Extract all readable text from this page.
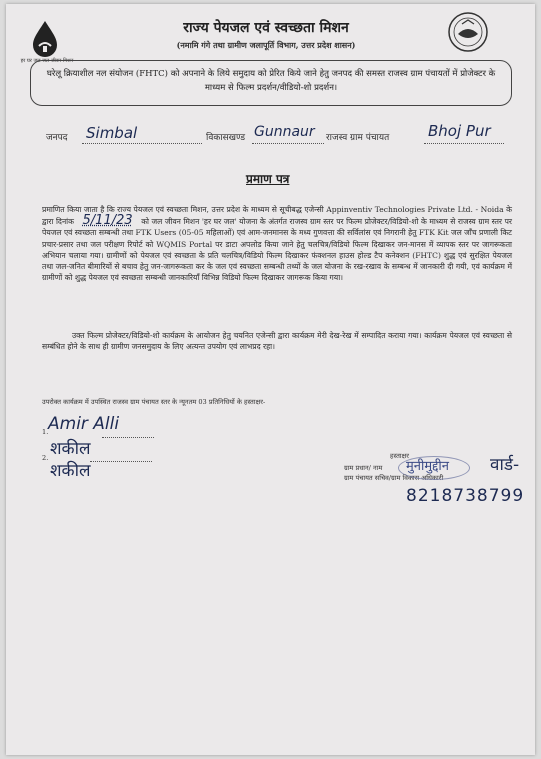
हर घर जल जल जीवन मिशन
राज्य पेयजल एवं स्वच्छता मिशन
(नमामि गंगे तथा ग्रामीण जलापूर्ति विभाग, उत्तर प्रदेश शासन)
घरेलू क्रियाशील नल संयोजन (FHTC) को अपनाने के लिये समुदाय को प्रेरित किये जाने हेतु जनपद की समस्त राजस्व ग्राम पंचायतों में प्रोजेक्टर के माध्यम से फिल्म प्रदर्शन/वीडियो-शो प्रदर्शन।
जनपद Simbal	विकासखण्ड Gunnaur राजस्व ग्राम पंचायत	Bhoj Pur
प्रमाण पत्र

प्रमाणित किया जाता है कि राज्य पेयजल एवं स्वच्छता मिशन, उत्तर प्रदेश के माध्यम से सूचीबद्ध एजेन्सी Appinventiv Technologies Private Ltd. - Noida के द्वारा दिनांक 5/11/23 को जल जीवन मिशन 'हर घर जल' योजना के अंतर्गत राजस्व ग्राम स्तर पर फिल्म प्रोजेक्टर/विडियो-शो के माध्यम से राजस्व ग्राम स्तर पर पेयजल एवं स्वच्छता सम्बन्धी तथा FTK Users (05-05 महिलाओं) एवं आम-जनमानस के मध्य गुणवत्ता की सर्विलांस एवं निगरानी हेतु FTK Kit जल जाँच प्रणाली किट प्रचार-प्रसार तथा जल परीक्षण रिपोर्ट को WQMIS Portal पर डाटा अपलोड किया जाने हेतु चलचित्र/विडियो फिल्म दिखाकर जन-मानस में व्यापक स्तर पर जागरूकता अभियान चलाया गया। ग्रामीणों को पेयजल एवं स्वच्छता के प्रति चलचित्र/विडियो फिल्म दिखाकर फंक्शनल हाउस होल्ड टैप कनेक्शन (FHTC) शुद्ध एवं सुरक्षित पेयजल तथा जल-जनित बीमारियों से बचाव हेतु जन-जागरूकता कर के जल एवं स्वच्छता सम्बन्धी तथ्यों के जल योजना के रख-रखाव के सम्बन्ध में जानकारी दी गयी, एवं कार्यक्रम में ग्रामीणों को शुद्ध पेयजल एवं स्वच्छता सम्बन्धी जानकारियाँ विभिन्न विडियो फिल्म दिखाकर जागरूक किया गया।

उक्त फिल्म प्रोजेक्टर/विडियो-शो कार्यक्रम के आयोजन हेतु चयनित एजेन्सी द्वारा कार्यक्रम मेरी देख-रेख में सम्पादित कराया गया। कार्यक्रम पेयजल एवं स्वच्छता से सम्बंधित होने के साथ ही ग्रामीण जनसमुदाय के लिए अत्यन्त उपयोग एवं लाभप्रद रहा।

उपरोक्त कार्यक्रम में उपस्थित राजस्व ग्राम पंचायत स्तर के न्यूनतम 03 प्रतिनिधियों के हस्ताक्षर-
1. Amir Alli
2. शकील
शकील
हस्ताक्षर
ग्राम प्रधान/ नाम
ग्राम पंचायत सचिव/ग्राम विकास अधिकारी
मुनीमुद्दीन वार्ड-
8218738799
